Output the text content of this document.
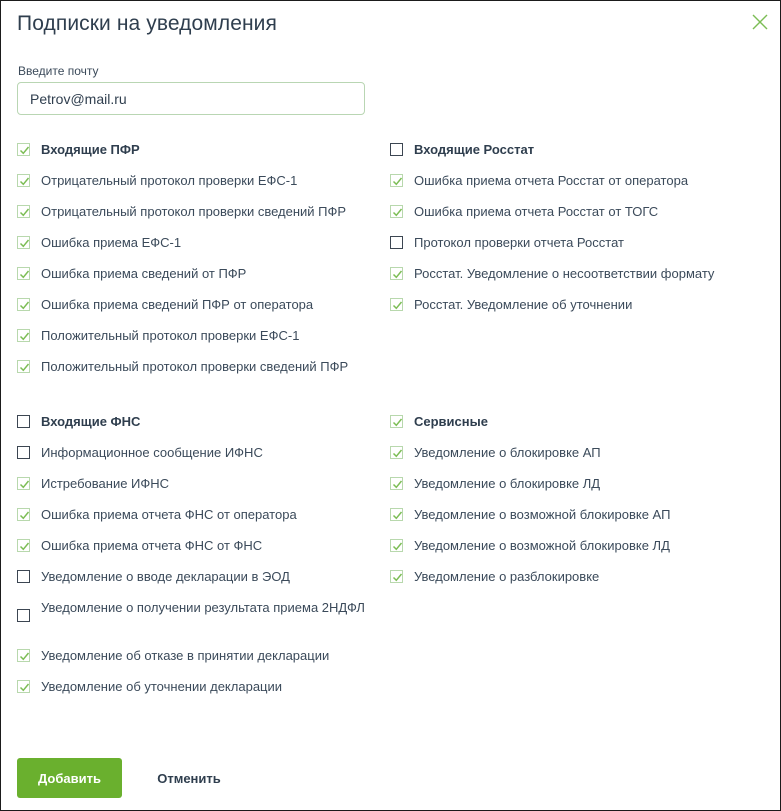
Подписки на уведомления
Введите почту
Petrov@mail.ru
Входящие ПФР
Отрицательный протокол проверки ЕФС-1
Отрицательный протокол проверки сведений ПФР
Ошибка приема ЕФС-1
Ошибка приема сведений от ПФР
Ошибка приема сведений ПФР от оператора
Положительный протокол проверки ЕФС-1
Положительный протокол проверки сведений ПФР
Входящие Росстат
Ошибка приема отчета Росстат от оператора
Ошибка приема отчета Росстат от ТОГС
Протокол проверки отчета Росстат
Росстат. Уведомление о несоответствии формату
Росстат. Уведомление об уточнении
Входящие ФНС
Информационное сообщение ИФНС
Истребование ИФНС
Ошибка приема отчета ФНС от оператора
Ошибка приема отчета ФНС от ФНС
Уведомление о вводе декларации в ЭОД
Уведомление о получении результата приема 2НДФЛ
Уведомление об отказе в принятии декларации
Уведомление об уточнении декларации
Сервисные
Уведомление о блокировке АП
Уведомление о блокировке ЛД
Уведомление о возможной блокировке АП
Уведомление о возможной блокировке ЛД
Уведомление о разблокировке
Добавить	Отменить
